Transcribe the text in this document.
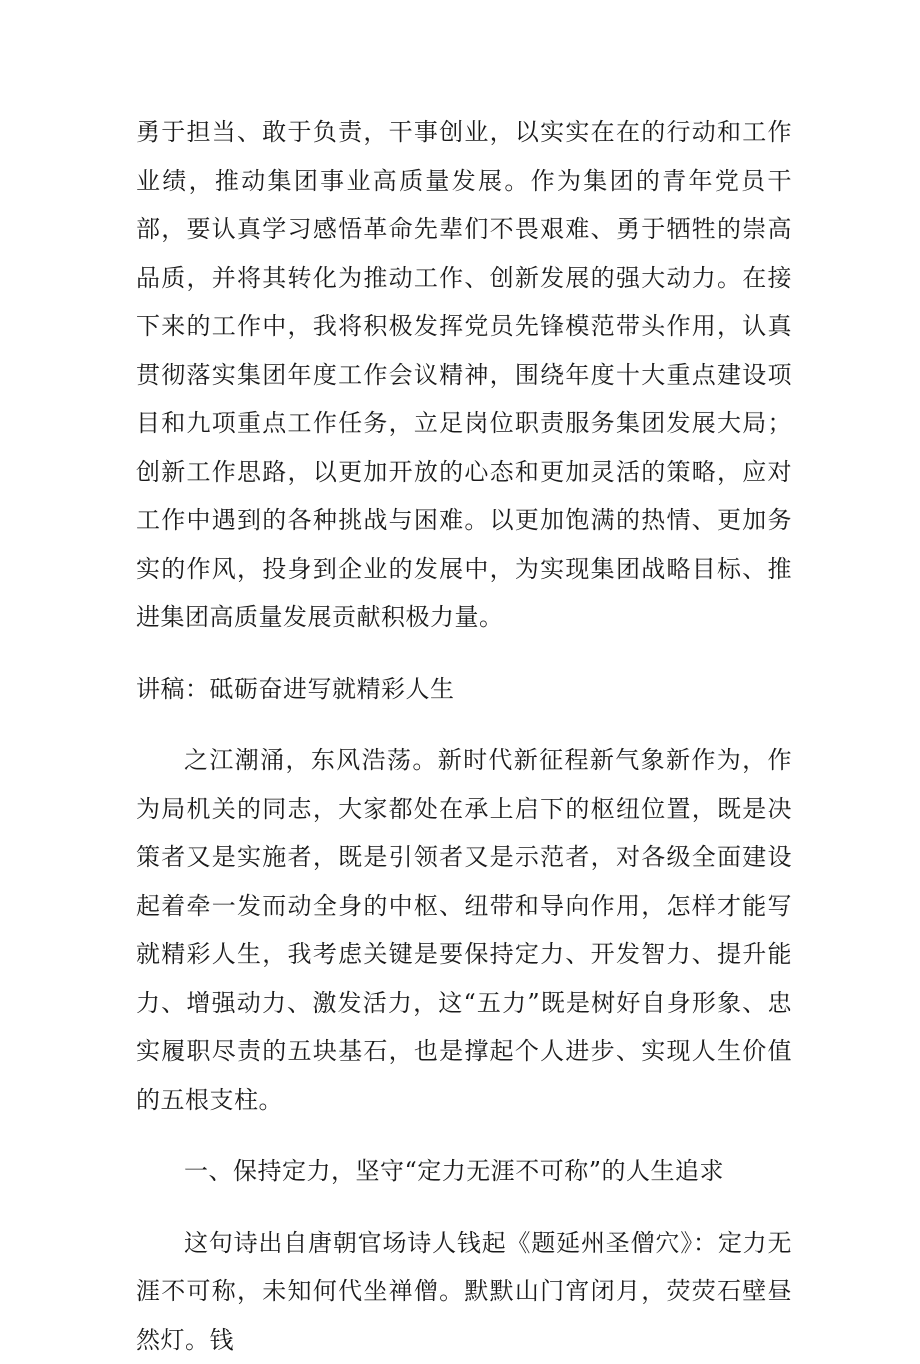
勇于担当、敢于负责，干事创业，以实实在在的行动和工作业绩，推动集团事业高质量发展。作为集团的青年党员干部，要认真学习感悟革命先辈们不畏艰难、勇于牺牲的崇高品质，并将其转化为推动工作、创新发展的强大动力。在接下来的工作中，我将积极发挥党员先锋模范带头作用，认真贯彻落实集团年度工作会议精神，围绕年度十大重点建设项目和九项重点工作任务，立足岗位职责服务集团发展大局；创新工作思路，以更加开放的心态和更加灵活的策略，应对工作中遇到的各种挑战与困难。以更加饱满的热情、更加务实的作风，投身到企业的发展中，为实现集团战略目标、推进集团高质量发展贡献积极力量。

讲稿：砥砺奋进写就精彩人生

之江潮涌，东风浩荡。新时代新征程新气象新作为，作为局机关的同志，大家都处在承上启下的枢纽位置，既是决策者又是实施者，既是引领者又是示范者，对各级全面建设起着牵一发而动全身的中枢、纽带和导向作用，怎样才能写就精彩人生，我考虑关键是要保持定力、开发智力、提升能力、增强动力、激发活力，这“五力”既是树好自身形象、忠实履职尽责的五块基石，也是撑起个人进步、实现人生价值的五根支柱。

一、保持定力，坚守“定力无涯不可称”的人生追求

这句诗出自唐朝官场诗人钱起《题延州圣僧穴》：定力无涯不可称，未知何代坐禅僧。默默山门宵闭月，荧荧石壁昼然灯。钱
